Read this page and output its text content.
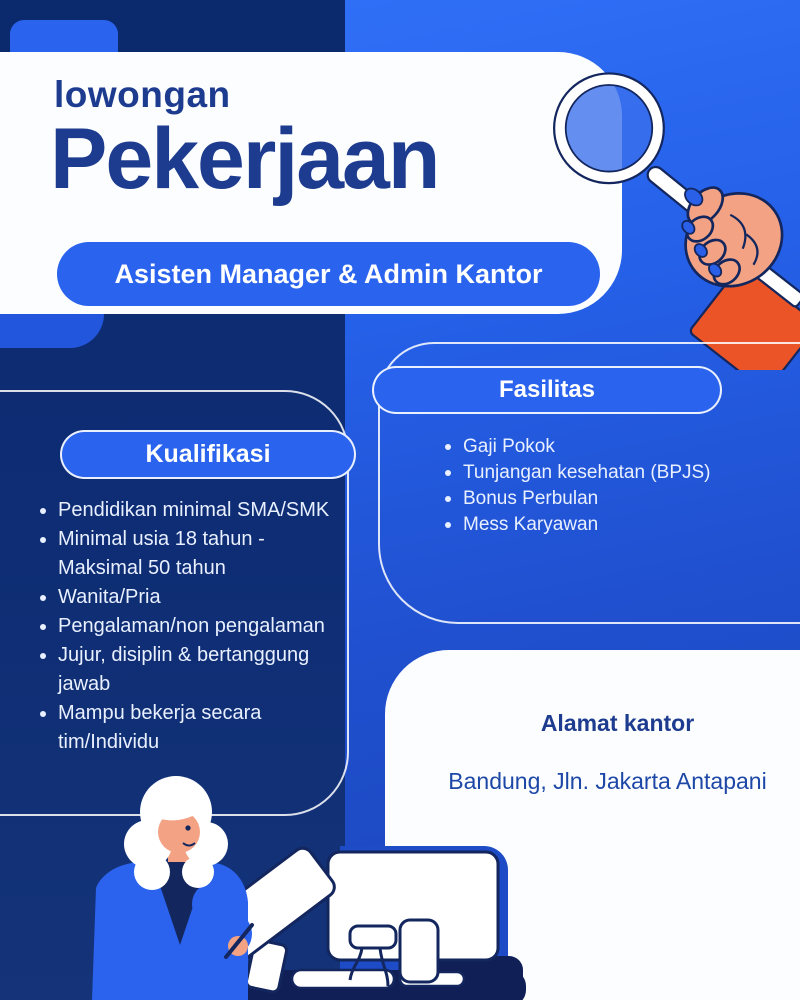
lowongan
Pekerjaan
Asisten Manager & Admin Kantor
Kualifikasi
Pendidikan minimal SMA/SMK
Minimal usia 18 tahun - Maksimal 50 tahun
Wanita/Pria
Pengalaman/non pengalaman
Jujur, disiplin & bertanggung jawab
Mampu bekerja secara tim/Individu
Fasilitas
Gaji Pokok
Tunjangan kesehatan (BPJS)
Bonus Perbulan
Mess Karyawan
Alamat kantor
Bandung, Jln. Jakarta Antapani
